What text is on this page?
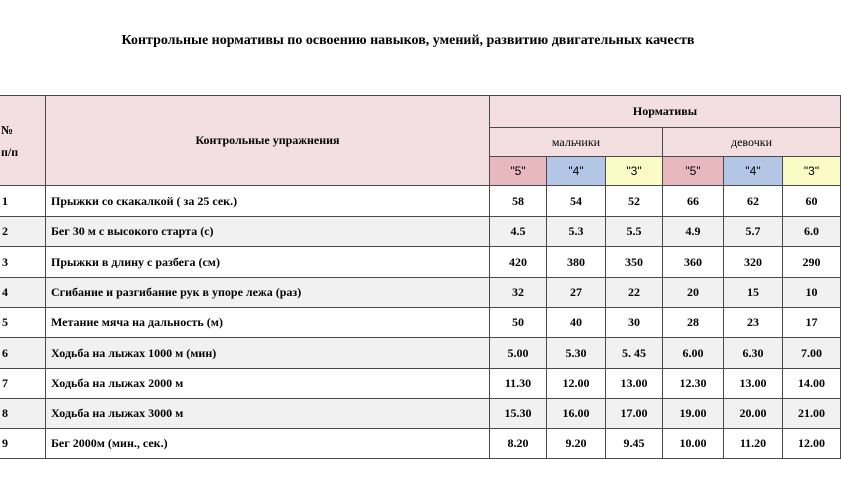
Контрольные нормативы по освоению навыков, умений, развитию двигательных качеств
№
п/п	Контрольные упражнения	Нормативы					
		мальчики			девочки		
		"5"	"4"	"3"	"5"	"4"	"3"
1	Прыжки со скакалкой ( за 25 сек.)	58	54	52	66	62	60
2	Бег 30 м с высокого старта (с)	4.5	5.3	5.5	4.9	5.7	6.0
3	Прыжки в длину с разбега (см)	420	380	350	360	320	290
4	Сгибание и разгибание рук в упоре лежа (раз)	32	27	22	20	15	10
5	Метание мяча на дальность (м)	50	40	30	28	23	17
6	Ходьба на лыжах 1000 м (мин)	5.00	5.30	5. 45	6.00	6.30	7.00
7	Ходьба на лыжах 2000 м	11.30	12.00	13.00	12.30	13.00	14.00
8	Ходьба на лыжах 3000 м	15.30	16.00	17.00	19.00	20.00	21.00
9	Бег 2000м (мин., сек.)	8.20	9.20	9.45	10.00	11.20	12.00
